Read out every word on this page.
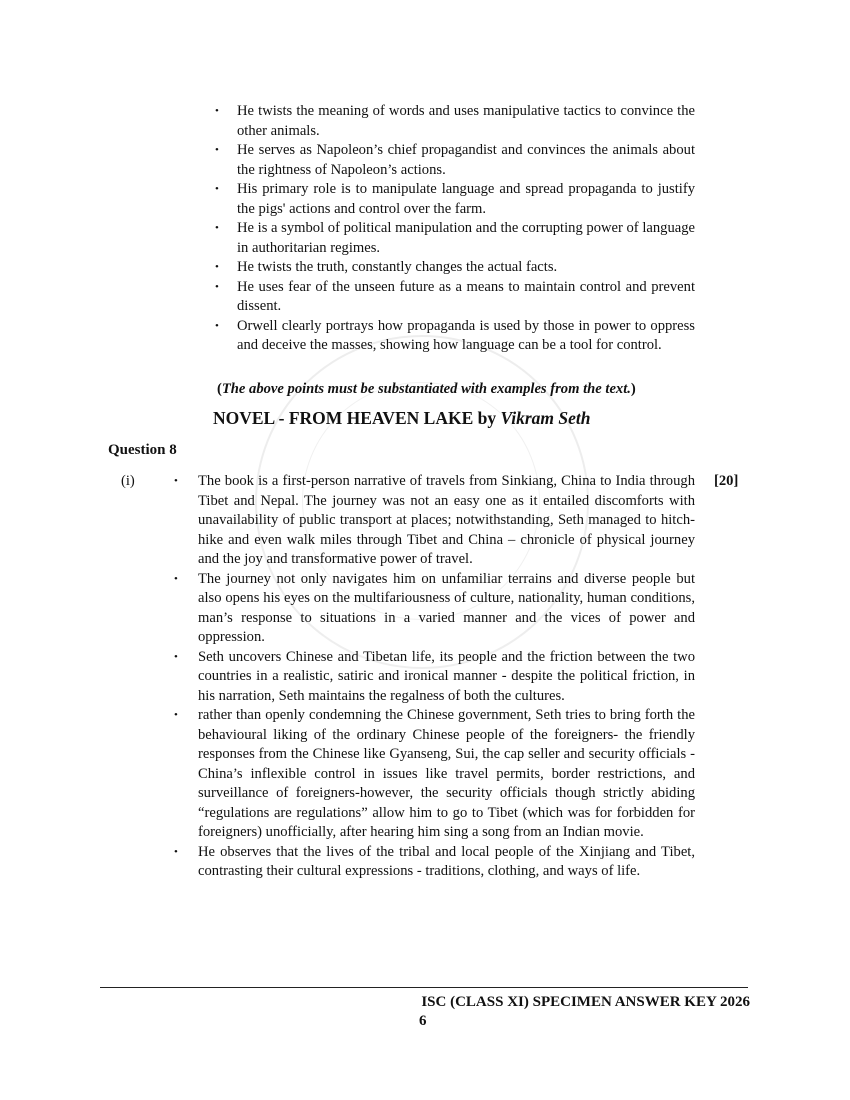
• He twists the meaning of words and uses manipulative tactics to convince the other animals.
• He serves as Napoleon’s chief propagandist and convinces the animals about the rightness of Napoleon’s actions.
• His primary role is to manipulate language and spread propaganda to justify the pigs' actions and control over the farm.
• He is a symbol of political manipulation and the corrupting power of language in authoritarian regimes.
• He twists the truth, constantly changes the actual facts.
• He uses fear of the unseen future as a means to maintain control and prevent dissent.
• Orwell clearly portrays how propaganda is used by those in power to oppress and deceive the masses, showing how language can be a tool for control.
(The above points must be substantiated with examples from the text.)
NOVEL - FROM HEAVEN LAKE by Vikram Seth
Question 8
(i)	[20]
• The book is a first-person narrative of travels from Sinkiang, China to India through Tibet and Nepal. The journey was not an easy one as it entailed discomforts with unavailability of public transport at places; notwithstanding, Seth managed to hitch-hike and even walk miles through Tibet and China – chronicle of physical journey and the joy and transformative power of travel.
• The journey not only navigates him on unfamiliar terrains and diverse people but also opens his eyes on the multifariousness of culture, nationality, human conditions, man’s response to situations in a varied manner and the vices of power and oppression.
• Seth uncovers Chinese and Tibetan life, its people and the friction between the two countries in a realistic, satiric and ironical manner - despite the political friction, in his narration, Seth maintains the regalness of both the cultures.
• rather than openly condemning the Chinese government, Seth tries to bring forth the behavioural liking of the ordinary Chinese people of the foreigners- the friendly responses from the Chinese like Gyanseng, Sui, the cap seller and security officials - China’s inflexible control in issues like travel permits, border restrictions, and surveillance of foreigners-however, the security officials though strictly abiding “regulations are regulations” allow him to go to Tibet (which was for forbidden for foreigners) unofficially, after hearing him sing a song from an Indian movie.
• He observes that the lives of the tribal and local people of the Xinjiang and Tibet, contrasting their cultural expressions - traditions, clothing, and ways of life.
ISC (CLASS XI) SPECIMEN ANSWER KEY 2026
6
